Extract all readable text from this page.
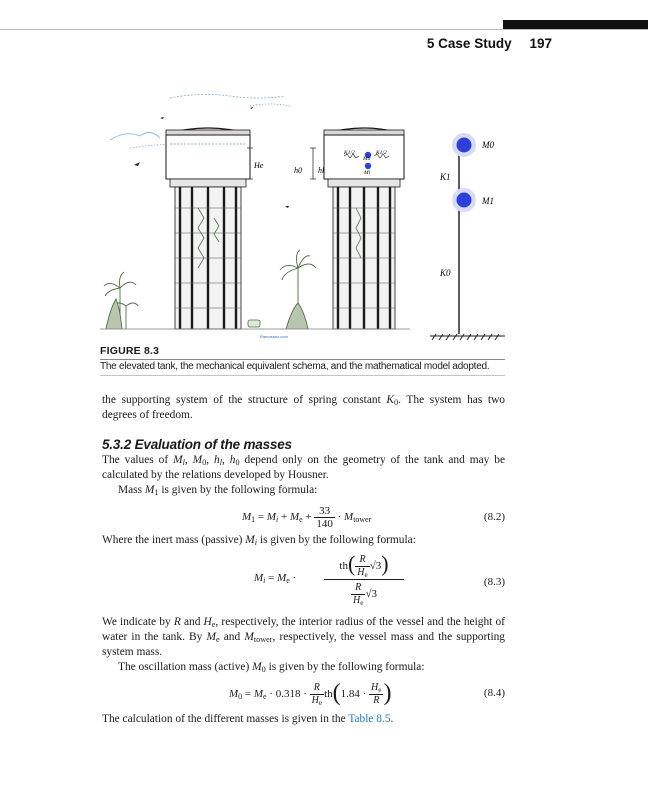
5 Case Study 197
He
h0 hl
Ramosanz.com
K1/2
M0
K1/2
Ml
M0
K1
M1
K0
FIGURE 8.3
The elevated tank, the mechanical equivalent schema, and the mathematical model adopted.
the supporting system of the structure of spring constant $K_0$. The system has two degrees of freedom.
5.3.2 Evaluation of the masses
The values of $M_l$, $M_0$, $h_l$, $h_0$ depend only on the geometry of the tank and may be calculated by the relations developed by Housner.
Mass $M_1$ is given by the following formula:
$M_1 = M_i + M_e + \frac{33}{140} \cdot M_{tower}$	(8.2)
Where the inert mass (passive) $M_i$ is given by the following formula:
$M_i = M_e$ ·
$th( \frac{R}{H_e} √3)$
$\frac{R}{H_e} √3$
(8.3)
We indicate by R and $H_e$, respectively, the interior radius of the vessel and the height of water in the tank. By $M_e$ and $M_{tower}$, respectively, the vessel mass and the supporting system mass.
The oscillation mass (active) $M_0$ is given by the following formula:
$M_0 = M_e \cdot 0.318 \cdot \frac{R}{H_e} th(1.84 \cdot \frac{H_e}{R}$ )	(8.4)
The calculation of the different masses is given in the Table 8.5.
